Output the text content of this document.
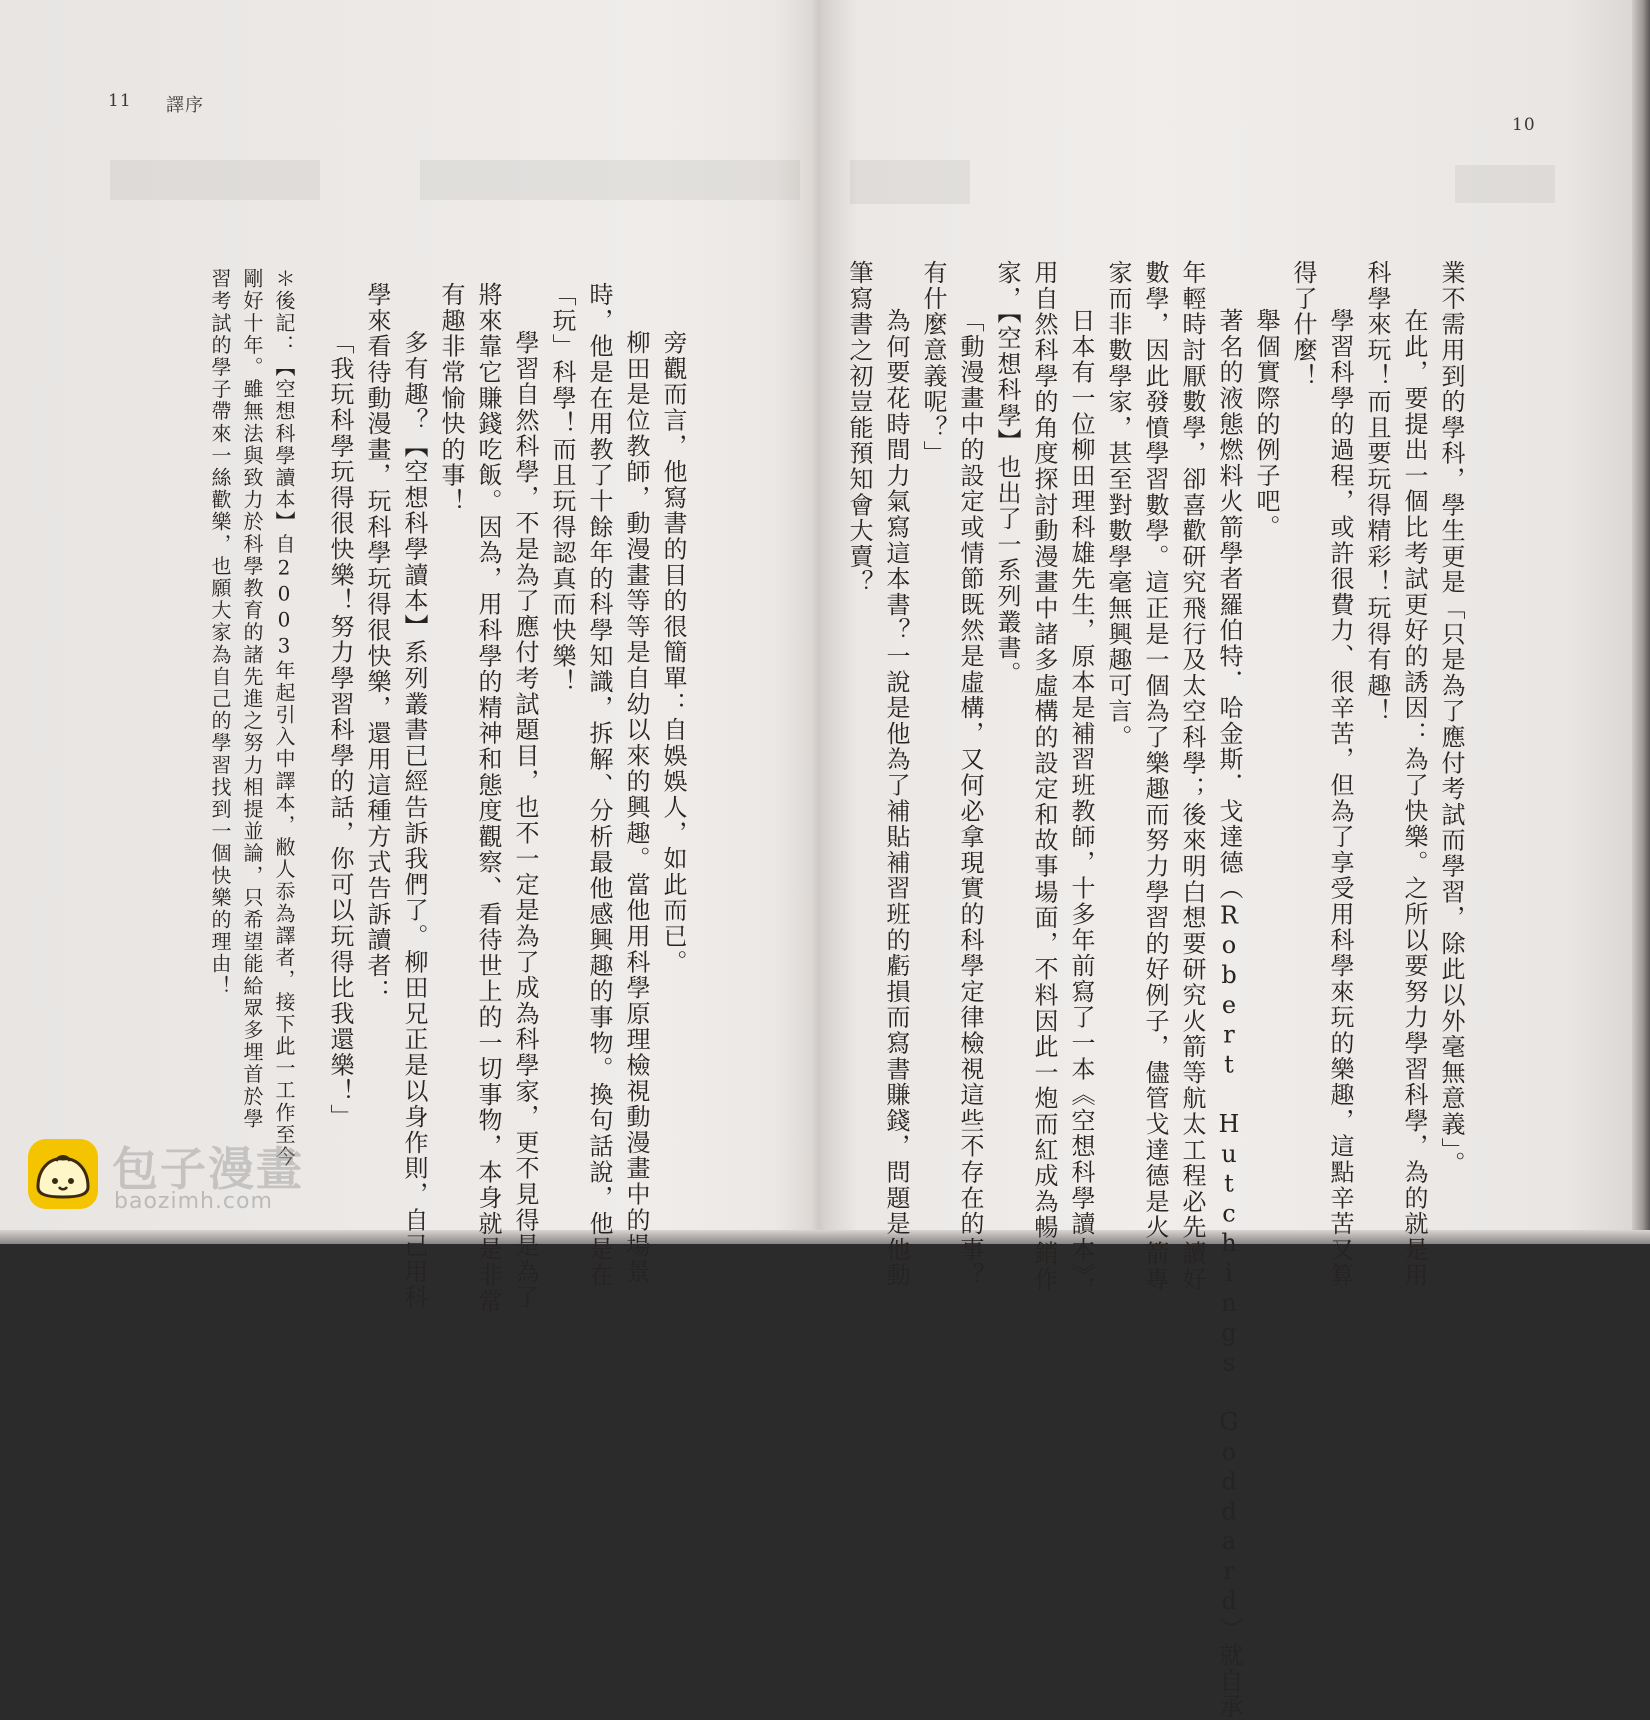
11 譯序
旁觀而言，他寫書的目的很簡單：自娛娛人，如此而已。
柳田是位教師，動漫畫等等是自幼以來的興趣。當他用科學原理檢視動漫畫中的場景
時，他是在用教了十餘年的科學知識，拆解、分析最他感興趣的事物。換句話說，他是在
「玩」科學！而且玩得認真而快樂！
學習自然科學，不是為了應付考試題目，也不一定是為了成為科學家，更不見得是為了
將來靠它賺錢吃飯。因為，用科學的精神和態度觀察、看待世上的一切事物，本身就是非常
有趣非常愉快的事！
多有趣？【空想科學讀本】系列叢書已經告訴我們了。柳田兄正是以身作則，自己用科
學來看待動漫畫，玩科學玩得很快樂，還用這種方式告訴讀者：
「我玩科學玩得很快樂！努力學習科學的話，你可以玩得比我還樂！」
＊後記：【空想科學讀本】自2003年起引入中譯本，敝人忝為譯者，接下此一工作至今
剛好十年。雖無法與致力於科學教育的諸先進之努力相提並論，只希望能給眾多埋首於學
習考試的學子帶來一絲歡樂，也願大家為自己的學習找到一個快樂的理由！
包子漫畫
baozimh.com
10
業不需用到的學科，學生更是「只是為了應付考試而學習，除此以外毫無意義」。
在此，要提出一個比考試更好的誘因：為了快樂。之所以要努力學習科學，為的就是用
科學來玩！而且要玩得精彩！玩得有趣！
學習科學的過程，或許很費力、很辛苦，但為了享受用科學來玩的樂趣，這點辛苦又算
得了什麼！
舉個實際的例子吧。
著名的液態燃料火箭學者羅伯特．哈金斯．戈達德（Robert Hutchings Goddard）就自承
年輕時討厭數學，卻喜歡研究飛行及太空科學；後來明白想要研究火箭等航太工程必先讀好
數學，因此發憤學習數學。這正是一個為了樂趣而努力學習的好例子，儘管戈達德是火箭專
家而非數學家，甚至對數學毫無興趣可言。
日本有一位柳田理科雄先生，原本是補習班教師，十多年前寫了一本《空想科學讀本》，
用自然科學的角度探討動漫畫中諸多虛構的設定和故事場面，不料因此一炮而紅成為暢銷作
家，【空想科學】也出了一系列叢書。
「動漫畫中的設定或情節既然是虛構，又何必拿現實的科學定律檢視這些不存在的事？
有什麼意義呢？」
為何要花時間力氣寫這本書？一說是他為了補貼補習班的虧損而寫書賺錢，問題是他動
筆寫書之初豈能預知會大賣？
